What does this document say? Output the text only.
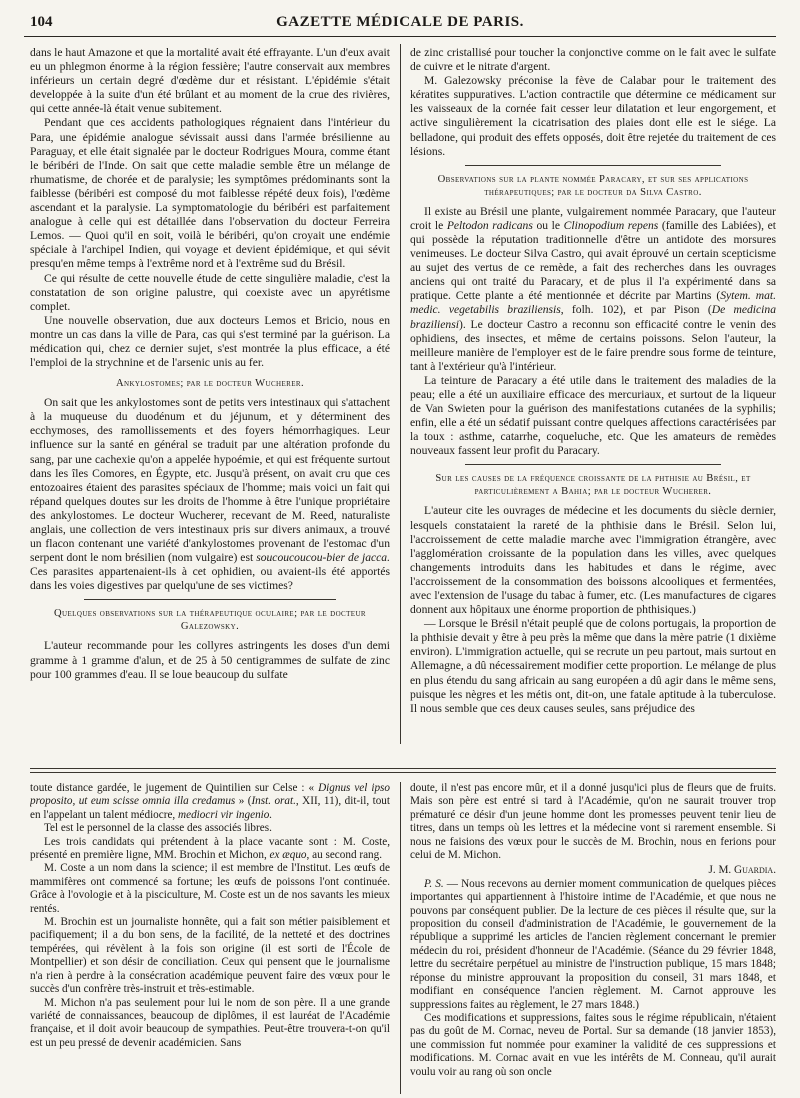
104	GAZETTE MÉDICALE DE PARIS.

dans le haut Amazone et que la mortalité avait été effrayante. L'un d'eux avait eu un phlegmon énorme à la région fessière; l'autre conservait aux membres inférieurs un certain degré d'œdème dur et résistant. L'épidémie s'était developpée à la suite d'un été brûlant et au moment de la crue des rivières, qui cette année-là était venue subitement.

Pendant que ces accidents pathologiques régnaient dans l'intérieur du Para, une épidémie analogue sévissait aussi dans l'armée brésilienne au Paraguay, et elle était signalée par le docteur Rodrigues Moura, comme étant le béribéri de l'Inde. On sait que cette maladie semble être un mélange de rhumatisme, de chorée et de paralysie; les symptômes prédominants sont la faiblesse (béribéri est composé du mot faiblesse répété deux fois), l'œdème ascendant et la paralysie. La symptomatologie du béribéri est parfaitement analogue à celle qui est détaillée dans l'observation du docteur Ferreira Lemos. — Quoi qu'il en soit, voilà le béribéri, qu'on croyait une endémie spéciale à l'archipel Indien, qui voyage et devient épidémique, et qui sévit presqu'en même temps à l'extrême nord et à l'extrême sud du Brésil.

Ce qui résulte de cette nouvelle étude de cette singulière maladie, c'est la constatation de son origine palustre, qui coexiste avec un apyrétisme complet.

Une nouvelle observation, due aux docteurs Lemos et Bricio, nous en montre un cas dans la ville de Para, cas qui s'est terminé par la guérison. La médication qui, chez ce dernier sujet, s'est montrée la plus efficace, a été l'emploi de la strychnine et de l'arsenic unis au fer.

Ankylostomes; par le docteur Wucherer.

On sait que les ankylostomes sont de petits vers intestinaux qui s'attachent à la muqueuse du duodénum et du jéjunum, et y déterminent des ecchymoses, des ramollissements et des foyers hémorrhagiques. Leur influence sur la santé en général se traduit par une altération profonde du sang, par une cachexie qu'on a appelée hypoémie, et qui est fréquente surtout dans les îles Comores, en Égypte, etc. Jusqu'à présent, on avait cru que ces entozoaires étaient des parasites spéciaux de l'homme; mais voici un fait qui répand quelques doutes sur les droits de l'homme à être l'unique propriétaire des ankylostomes. Le docteur Wucherer, recevant de M. Reed, naturaliste anglais, une collection de vers intestinaux pris sur divers animaux, a trouvé un flacon contenant une variété d'ankylostomes provenant de l'estomac d'un serpent dont le nom brésilien (nom vulgaire) est soucoucoucou-bier de jacca. Ces parasites appartenaient-ils à cet ophidien, ou avaient-ils été apportés dans les voies digestives par quelqu'une de ses victimes?

Quelques observations sur la thérapeutique oculaire; par le docteur Galezowsky.

L'auteur recommande pour les collyres astringents les doses d'un demi gramme à 1 gramme d'alun, et de 25 à 50 centigrammes de sulfate de zinc pour 100 grammes d'eau. Il se loue beaucoup du sulfate

de zinc cristallisé pour toucher la conjonctive comme on le fait avec le sulfate de cuivre et le nitrate d'argent.

M. Galezowsky préconise la fève de Calabar pour le traitement des kératites suppuratives. L'action contractile que détermine ce médicament sur les vaisseaux de la cornée fait cesser leur dilatation et leur engorgement, et active singulièrement la cicatrisation des plaies dont elle est le siége. La belladone, qui produit des effets opposés, doit être rejetée du traitement de ces lésions.

Observations sur la plante nommée Paracary, et sur ses applications thérapeutiques; par le docteur da Silva Castro.

Il existe au Brésil une plante, vulgairement nommée Paracary, que l'auteur croit le Peltodon radicans ou le Clinopodium repens (famille des Labiées), et qui possède la réputation traditionnelle d'être un antidote des morsures venimeuses. Le docteur Silva Castro, qui avait éprouvé un certain scepticisme au sujet des vertus de ce remède, a fait des recherches dans les ouvrages anciens qui ont traité du Paracary, et de plus il l'a expérimenté dans sa pratique. Cette plante a été mentionnée et décrite par Martins (Sytem. mat. medic. vegetabilis braziliensis, folh. 102), et par Pison (De medicina braziliensi). Le docteur Castro a reconnu son efficacité contre le venin des ophidiens, des insectes, et même de certains poissons. Selon l'auteur, la meilleure manière de l'employer est de le faire prendre sous forme de teinture, tant à l'extérieur qu'à l'intérieur.

La teinture de Paracary a été utile dans le traitement des maladies de la peau; elle a été un auxiliaire efficace des mercuriaux, et surtout de la liqueur de Van Swieten pour la guérison des manifestations cutanées de la syphilis; enfin, elle a été un sédatif puissant contre quelques affections caractérisées par la toux : asthme, catarrhe, coqueluche, etc. Que les amateurs de remèdes nouveaux fassent leur profit du Paracary.

Sur les causes de la fréquence croissante de la phthisie au Brésil, et particulièrement a Bahia; par le docteur Wucherer.

L'auteur cite les ouvrages de médecine et les documents du siècle dernier, lesquels constataient la rareté de la phthisie dans le Brésil. Selon lui, l'accroissement de cette maladie marche avec l'immigration étrangère, avec l'agglomération croissante de la population dans les villes, avec quelques changements introduits dans les habitudes et dans le régime, avec l'accroissement de la consommation des boissons alcooliques et fermentées, avec l'extension de l'usage du tabac à fumer, etc. (Les manufactures de cigares donnent aux hôpitaux une énorme proportion de phthisiques.)

— Lorsque le Brésil n'était peuplé que de colons portugais, la proportion de la phthisie devait y être à peu près la même que dans la mère patrie (1 dixième environ). L'immigration actuelle, qui se recrute un peu partout, mais surtout en Allemagne, a dû nécessairement modifier cette proportion. Le mélange de plus en plus étendu du sang africain au sang européen a dû agir dans le même sens, puisque les nègres et les métis ont, dit-on, une fatale aptitude à la tuberculose. Il nous semble que ces deux causes seules, sans préjudice des

toute distance gardée, le jugement de Quintilien sur Celse : « Dignus vel ipso proposito, ut eum scisse omnia illa credamus » (Inst. orat., XII, 11), dit-il, tout en l'appelant un talent médiocre, mediocri vir ingenio.

Tel est le personnel de la classe des associés libres.

Les trois candidats qui prétendent à la place vacante sont : M. Coste, présenté en première ligne, MM. Brochin et Michon, ex æquo, au second rang.

M. Coste a un nom dans la science; il est membre de l'Institut. Les œufs de mammifères ont commencé sa fortune; les œufs de poissons l'ont continuée. Grâce à l'ovologie et à la pisciculture, M. Coste est un de nos savants les mieux rentés.

M. Brochin est un journaliste honnête, qui a fait son métier paisiblement et pacifiquement; il a du bon sens, de la facilité, de la netteté et des doctrines tempérées, qui révèlent à la fois son origine (il est sorti de l'École de Montpellier) et son désir de conciliation. Ceux qui pensent que le journalisme n'a rien à perdre à la consécration académique peuvent faire des vœux pour le succès d'un confrère très-instruit et très-estimable.

M. Michon n'a pas seulement pour lui le nom de son père. Il a une grande variété de connaissances, beaucoup de diplômes, il est lauréat de l'Académie française, et il doit avoir beaucoup de sympathies. Peut-être trouvera-t-on qu'il est un peu pressé de devenir académicien. Sans

doute, il n'est pas encore mûr, et il a donné jusqu'ici plus de fleurs que de fruits. Mais son père est entré si tard à l'Académie, qu'on ne saurait trouver trop prématuré ce désir d'un jeune homme dont les promesses peuvent tenir lieu de titres, dans un temps où les lettres et la médecine vont si rarement ensemble. Si nous ne faisions des vœux pour le succès de M. Brochin, nous en ferions pour celui de M. Michon.

J. M. Guardia.

P. S. — Nous recevons au dernier moment communication de quelques pièces importantes qui appartiennent à l'histoire intime de l'Académie, et que nous ne pouvons par conséquent publier. De la lecture de ces pièces il résulte que, sur la proposition du conseil d'administration de l'Académie, le gouvernement de la république a supprimé les articles de l'ancien règlement concernant le premier médecin du roi, président d'honneur de l'Académie. (Séance du 29 février 1848, lettre du secrétaire perpétuel au ministre de l'instruction publique, 15 mars 1848; réponse du ministre approuvant la proposition du conseil, 31 mars 1848, et modifiant en conséquence l'ancien règlement. M. Carnot approuve les suppressions faites au règlement, le 27 mars 1848.)

Ces modifications et suppressions, faites sous le régime républicain, n'étaient pas du goût de M. Cornac, neveu de Portal. Sur sa demande (18 janvier 1853), une commission fut nommée pour examiner la validité de ces suppressions et modifications. M. Cornac avait en vue les intérêts de M. Conneau, qu'il aurait voulu voir au rang où son oncle
